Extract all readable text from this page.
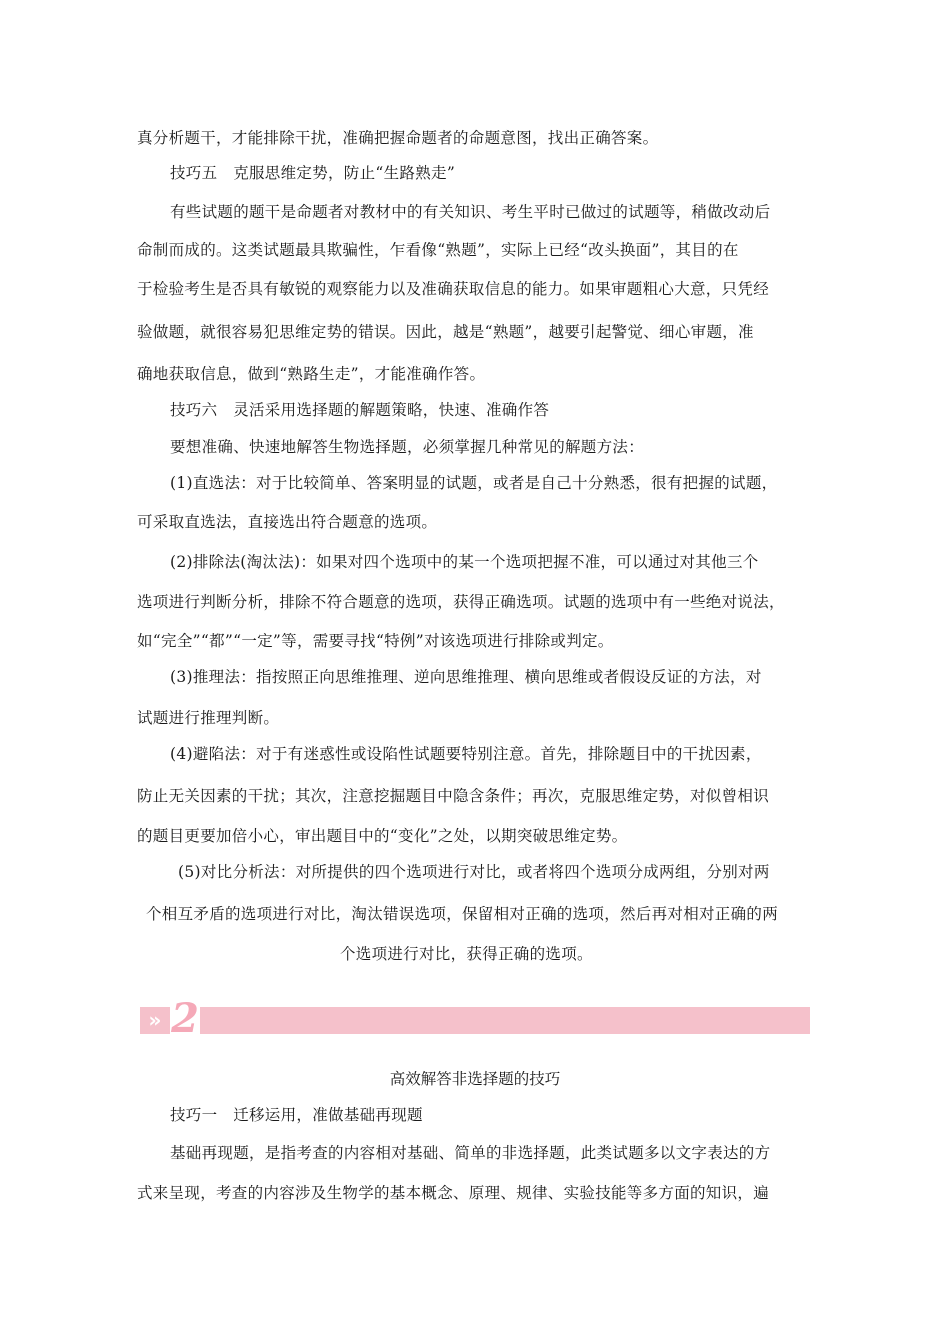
真分析题干，才能排除干扰，准确把握命题者的命题意图，找出正确答案。
技巧五　克服思维定势，防止“生路熟走”
有些试题的题干是命题者对教材中的有关知识、考生平时已做过的试题等，稍做改动后
命制而成的。这类试题最具欺骗性，乍看像“熟题”，实际上已经“改头换面”，其目的在
于检验考生是否具有敏锐的观察能力以及准确获取信息的能力。如果审题粗心大意，只凭经
验做题，就很容易犯思维定势的错误。因此，越是“熟题”，越要引起警觉、细心审题，准
确地获取信息，做到“熟路生走”，才能准确作答。
技巧六　灵活采用选择题的解题策略，快速、准确作答
要想准确、快速地解答生物选择题，必须掌握几种常见的解题方法：
(1)直选法：对于比较简单、答案明显的试题，或者是自己十分熟悉，很有把握的试题，
可采取直选法，直接选出符合题意的选项。
(2)排除法(淘汰法)：如果对四个选项中的某一个选项把握不准，可以通过对其他三个
选项进行判断分析，排除不符合题意的选项，获得正确选项。试题的选项中有一些绝对说法，
如“完全”“都”“一定”等，需要寻找“特例”对该选项进行排除或判定。
(3)推理法：指按照正向思维推理、逆向思维推理、横向思维或者假设反证的方法，对
试题进行推理判断。
(4)避陷法：对于有迷惑性或设陷性试题要特别注意。首先，排除题目中的干扰因素，
防止无关因素的干扰；其次，注意挖掘题目中隐含条件；再次，克服思维定势，对似曾相识
的题目更要加倍小心，审出题目中的“变化”之处，以期突破思维定势。
(5)对比分析法：对所提供的四个选项进行对比，或者将四个选项分成两组，分别对两
个相互矛盾的选项进行对比，淘汰错误选项，保留相对正确的选项，然后再对相对正确的两
个选项进行对比，获得正确的选项。
» 2
高效解答非选择题的技巧
技巧一　迁移运用，准做基础再现题
基础再现题，是指考查的内容相对基础、简单的非选择题，此类试题多以文字表达的方
式来呈现，考查的内容涉及生物学的基本概念、原理、规律、实验技能等多方面的知识，遍
